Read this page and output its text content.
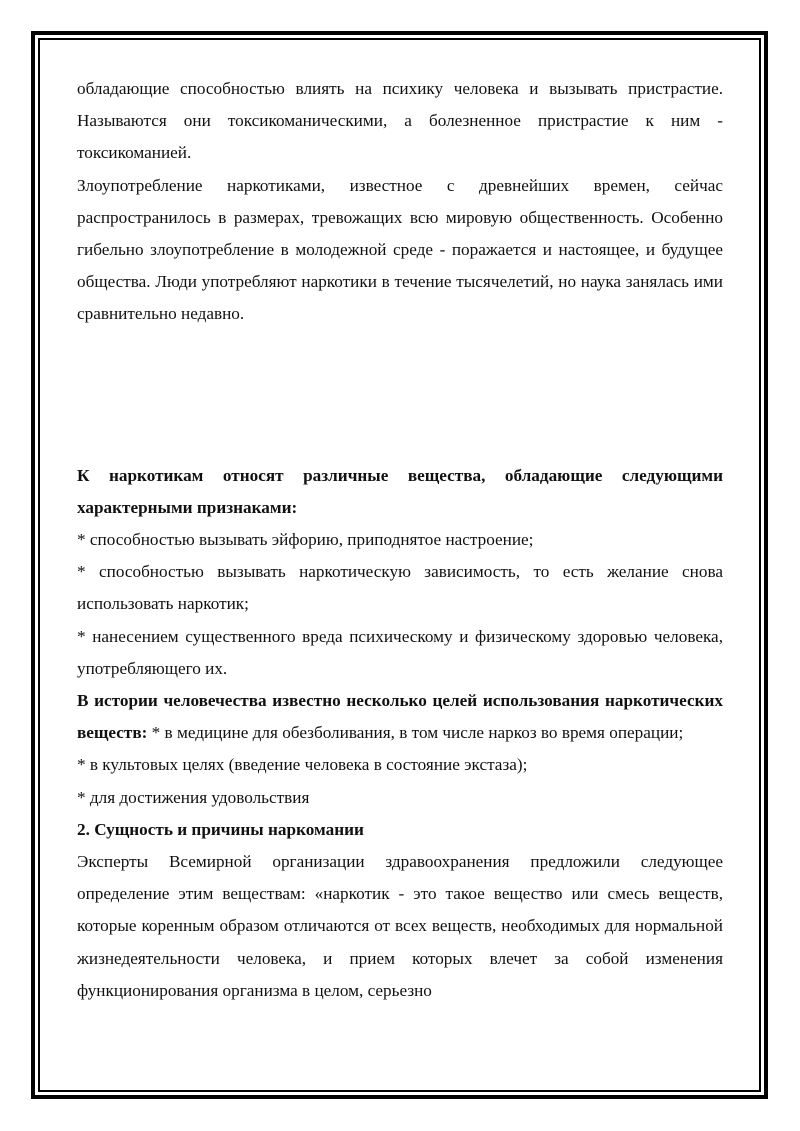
обладающие способностью влиять на психику человека и вызывать пристрастие. Называются они токсикоманическими, а болезненное пристрастие к ним - токсикоманией.

Злоупотребление наркотиками, известное с древнейших времен, сейчас распространилось в размерах, тревожащих всю мировую общественность. Особенно гибельно злоупотребление в молодежной среде - поражается и настоящее, и будущее общества. Люди употребляют наркотики в течение тысячелетий, но наука занялась ими сравнительно недавно.

К наркотикам относят различные вещества, обладающие следующими характерными признаками:

* способностью вызывать эйфорию, приподнятое настроение;

* способностью вызывать наркотическую зависимость, то есть желание снова использовать наркотик;

* нанесением существенного вреда психическому и физическому здоровью человека, употребляющего их.

В истории человечества известно несколько целей использования наркотических веществ: * в медицине для обезболивания, в том числе наркоз во время операции;

* в культовых целях (введение человека в состояние экстаза);

* для достижения удовольствия

2. Сущность и причины наркомании

Эксперты Всемирной организации здравоохранения предложили следующее определение этим веществам: «наркотик - это такое вещество или смесь веществ, которые коренным образом отличаются от всех веществ, необходимых для нормальной жизнедеятельности человека, и прием которых влечет за собой изменения функционирования организма в целом, серьезно
